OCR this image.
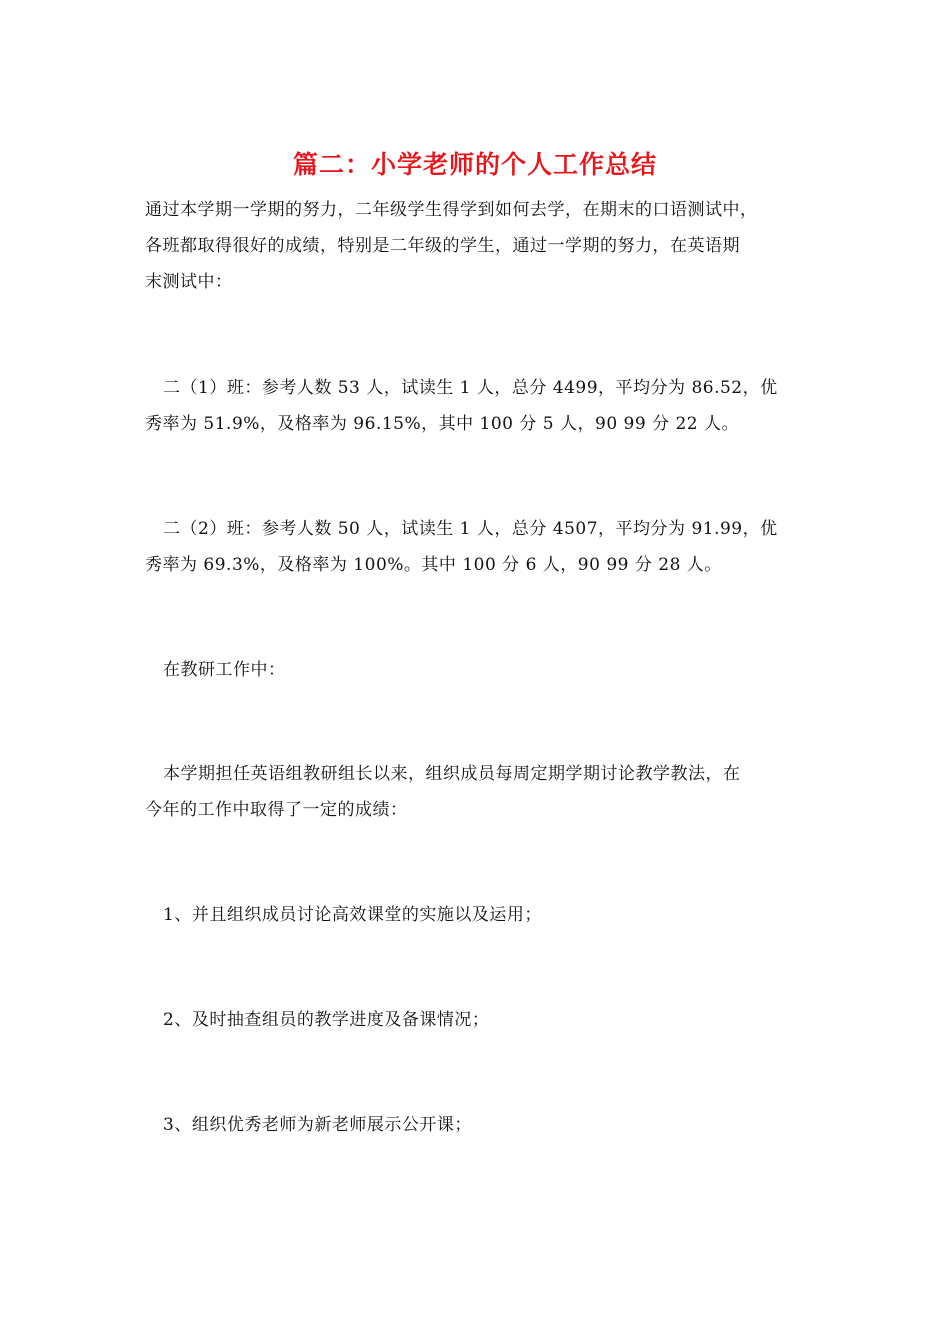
篇二：小学老师的个人工作总结
通过本学期一学期的努力，二年级学生得学到如何去学，在期末的口语测试中，
各班都取得很好的成绩，特别是二年级的学生，通过一学期的努力，在英语期
末测试中：
二（1）班：参考人数 53 人，试读生 1 人，总分 4499，平均分为 86.52，优
秀率为 51.9%，及格率为 96.15%，其中 100 分 5 人，90 99 分 22 人。
二（2）班：参考人数 50 人，试读生 1 人，总分 4507，平均分为 91.99，优
秀率为 69.3%，及格率为 100%。其中 100 分 6 人，90 99 分 28 人。
在教研工作中：
本学期担任英语组教研组长以来，组织成员每周定期学期讨论教学教法，在
今年的工作中取得了一定的成绩：
1、并且组织成员讨论高效课堂的实施以及运用；
2、及时抽查组员的教学进度及备课情况；
3、组织优秀老师为新老师展示公开课；
